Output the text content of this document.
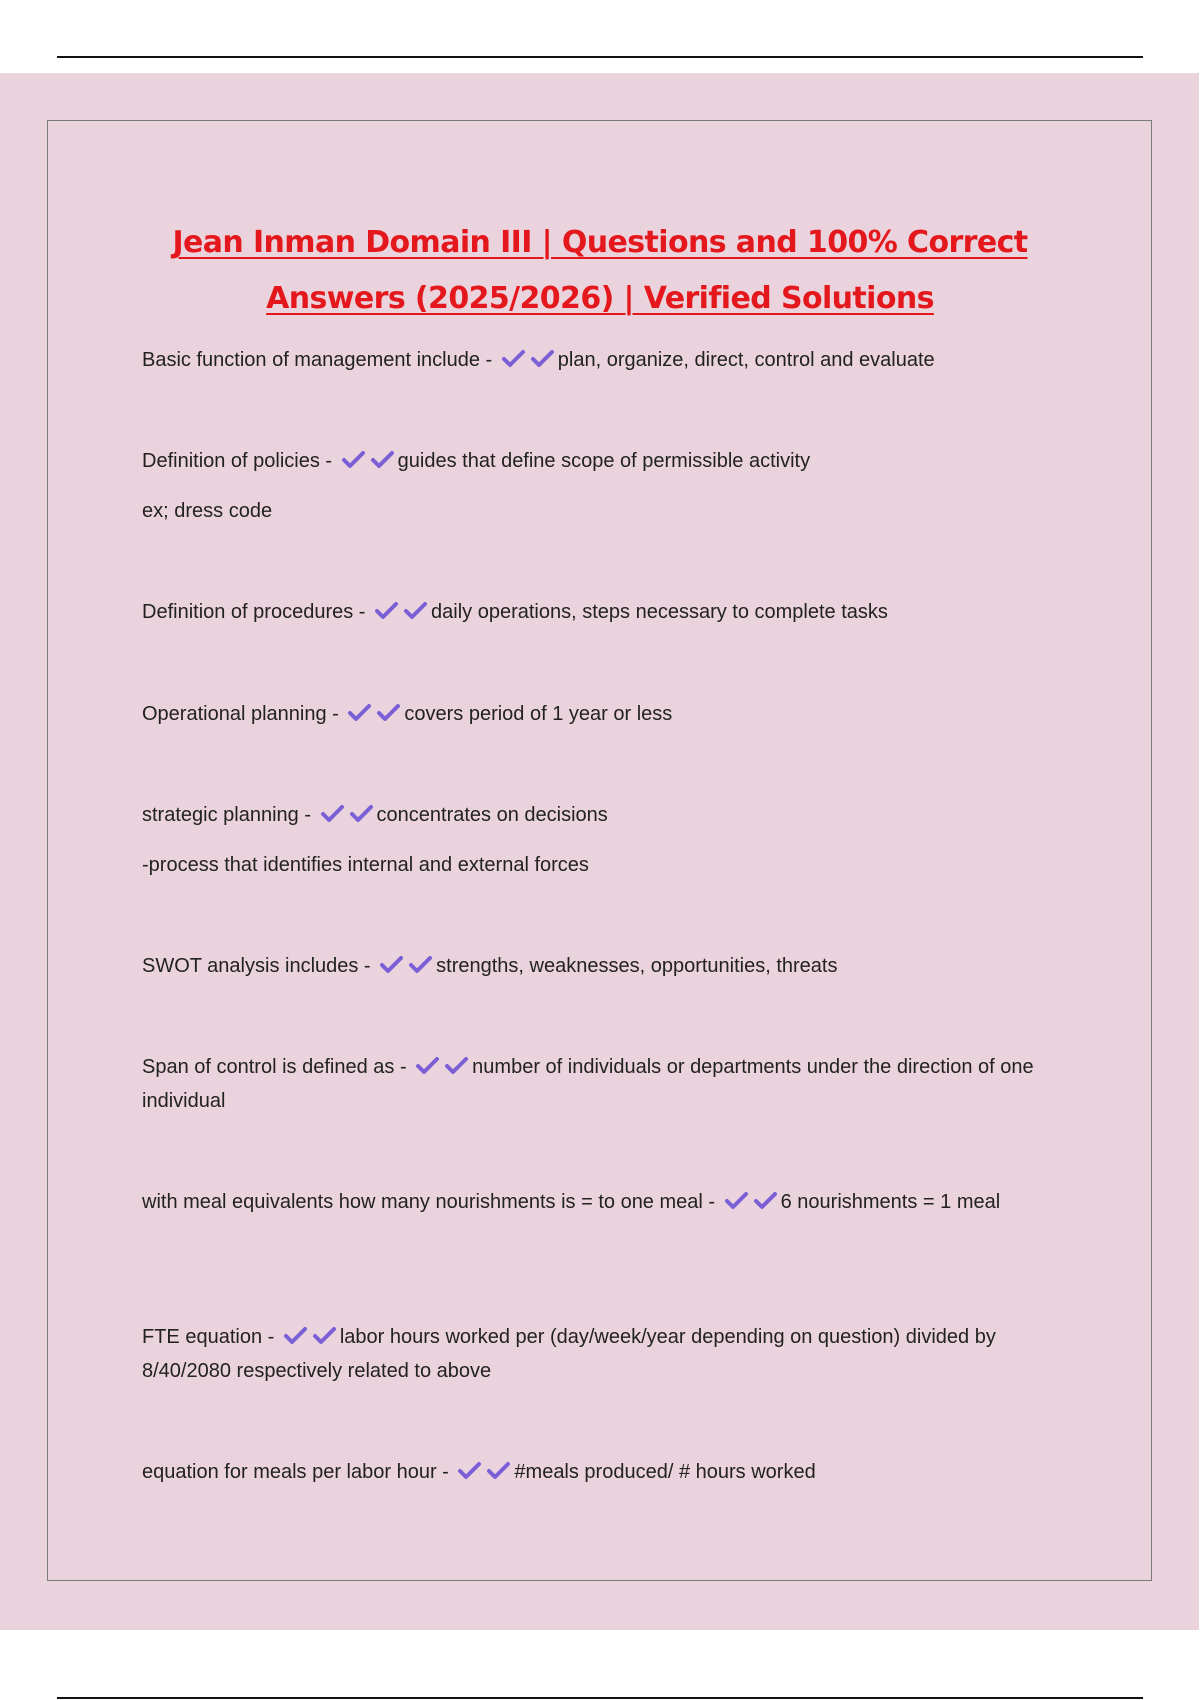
Jean Inman Domain III | Questions and 100% Correct
Answers (2025/2026) | Verified Solutions
Basic function of management include -	plan, organize, direct, control and evaluate
Definition of policies -	guides that define scope of permissible activity
ex; dress code
Definition of procedures -	daily operations, steps necessary to complete tasks
Operational planning -	covers period of 1 year or less
strategic planning -	concentrates on decisions
-process that identifies internal and external forces
SWOT analysis includes -	strengths, weaknesses, opportunities, threats
Span of control is defined as -	number of individuals or departments under the direction of one individual
with meal equivalents how many nourishments is = to one meal -	6 nourishments = 1 meal
FTE equation -	labor hours worked per (day/week/year depending on question) divided by 8/40/2080 respectively related to above
equation for meals per labor hour -	#meals produced/ # hours worked
